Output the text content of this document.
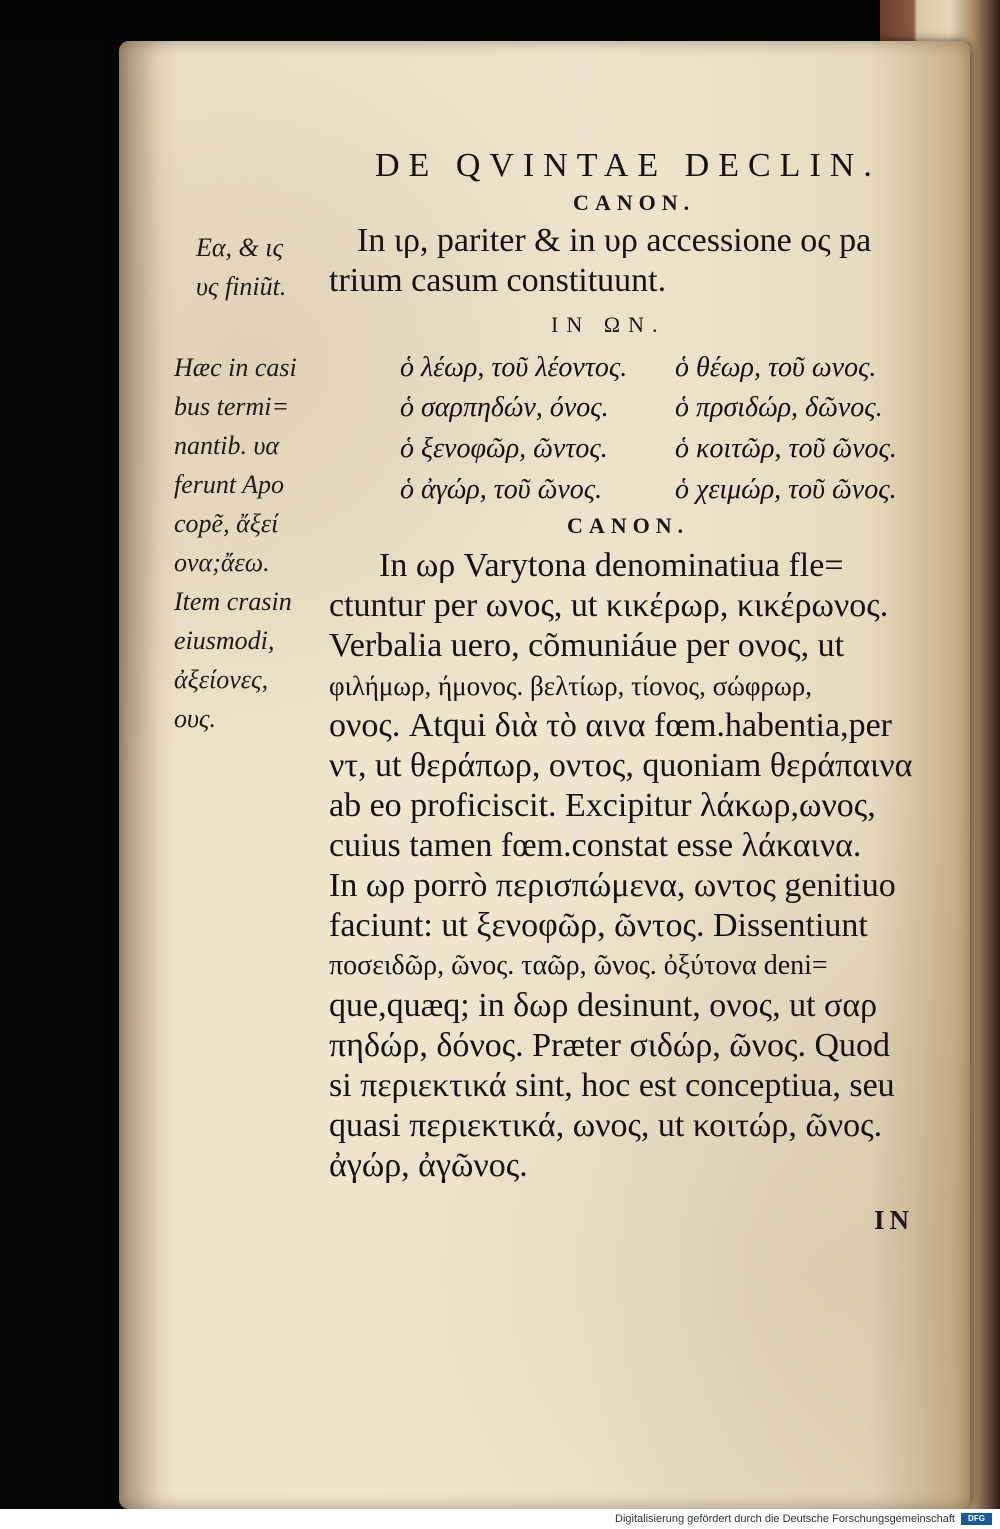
DE QVINTAE DECLIN.
CANON.
Εα, & ις
υς finiũt.
In ιρ, pariter & in υρ accessione ος pa
trium casum constituunt.
IN ΩN.
ὁ λέωρ, τοῦ λέοντος. ὁ θέωρ, τοῦ ωνος.
ὁ σαρπηδών, όνος. ὁ πρσιδώρ, δῶνος.
ὁ ξενοφῶρ, ῶντος. ὁ κοιτῶρ, τοῦ ῶνος.
ὁ ἀγώρ, τοῦ ῶνος.	ὁ χειμώρ, τοῦ ῶνος.
CANON.
Hæc in casi
bus termi=
nantib. υα
ferunt Apo
copẽ, ἄξεί
ονα;ἄεω.
Item crasin
eiusmodi,
ἀξείονες,
ους.
In ωρ Varytona denominatiua fle=
ctuntur per ωνος, ut κικέρωρ, κικέρωνος.
Verbalia uero, cõmuniáue per ονος, ut
φιλήμωρ, ήμονος. βελτίωρ, τίονος, σώφρωρ,
ονος. Atqui διὰ τὸ αινα fœm.habentia,per
ντ, ut θεράπωρ, οντος, quoniam θεράπαινα
ab eo proficiscit. Excipitur λάκωρ,ωνος,
cuius tamen fœm.constat esse λάκαινα.
In ωρ porrò περισπώμενα, ωντος genitiuo
faciunt: ut ξενοφῶρ, ῶντος. Dissentiunt
ποσειδῶρ, ῶνος. ταῶρ, ῶνος. ὀξύτονα deni=
que,quæq; in δωρ desinunt, ονος, ut σαρ
πηδώρ, δόνος. Præter σιδώρ, ῶνος. Quod
si περιεκτικά sint, hoc est conceptiua, seu
quasi περιεκτικά, ωνος, ut κοιτώρ, ῶνος.
ἀγώρ, ἀγῶνος.
IN
Digitalisierung gefördert durch die Deutsche Forschungsgemeinschaft	DFG
